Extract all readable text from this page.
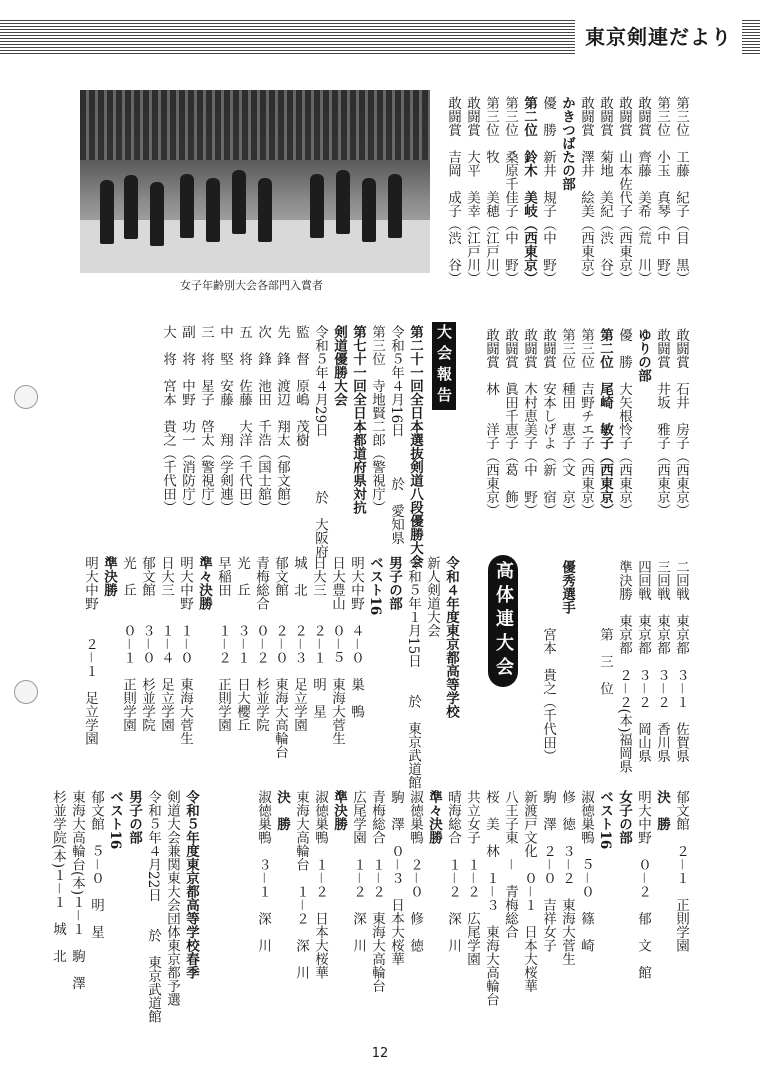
東京剣連だより
女子年齢別大会各部門入賞者
第三位　工藤　紀子（目　黒）
第三位　小玉　真琴（中　野）
敢闘賞　齊藤　美希（荒　川）
敢闘賞　山本佐代子（西東京）
敢闘賞　菊地　美紀（渋　谷）
敢闘賞　澤井　絵美（西東京）
かきつばたの部
優　勝　新井　規子（中　野）
第二位　鈴木　美岐（西東京）
第三位　桑原千佳子（中　野）
第三位　牧　　美穂（江戸川）
敢闘賞　大平　美幸（江戸川）
敢闘賞　吉岡　成子（渋　谷）
敢闘賞　石井　房子（西東京）
敢闘賞　井坂　雅子（西東京）
ゆりの部
優　勝　大矢根怜子（西東京）
第二位　尾崎　敏子（西東京）
第三位　吉野チエ子（西東京）
第三位　種田　恵子（文　京）
敢闘賞　安本しげよ（新　宿）
敢闘賞　木村恵美子（中　野）
敢闘賞　眞田千恵子（葛　飾）
敢闘賞　林　　洋子（西東京）
第二十一回全日本選抜剣道八段優勝大会
令和５年４月16日　　　於　愛知県
第三位　寺地賢二郎（警視庁）
第七十一回全日本都道府県対抗
剣道優勝大会
令和５年４月29日　　　　於　大阪府
監　督　原嶋　茂樹
先　鋒　渡辺　翔太（郁文館）
次　鋒　池田　千浩（国士舘）
五　将　佐藤　大洋（千代田）
中　堅　安藤　　翔（学剣連）
三　将　星子　啓太（警視庁）
副　将　中野　功一（消防庁）
大　将　宮本　貴之（千代田）
二回戦　東京都　３－１　佐賀県
三回戦　東京都　３－２　香川県
四回戦　東京都　３－２　岡山県
準決勝　東京都　２－２(本)福岡県
　　　　　第　三　位

優秀選手
　　　　　宮本　貴之（千代田）
令和４年度東京都高等学校
新人剣道大会
令和５年１月15日　　於　東京武道館
男子の部
ベスト16
明大中野　４－０　巣　鴨
日大豊山　０－５　東海大菅生
日大三　　２－１　明　星
城　北　　２－３　足立学園
郁文館　　２－０　東海大高輪台
青梅総合　０－２　杉並学院
光　丘　　３－１　日大櫻丘
早稲田　　１－２　正則学園
準々決勝
明大中野　１－０　東海大菅生
日大三　　１－４　足立学園
郁文館　　３－０　杉並学院
光　丘　　０－１　正則学園
準決勝
明大中野　　２－１　足立学園
郁文館　２－１　正則学園
決　勝
明大中野　０－２　郁　文　館
女子の部
ベスト16
淑徳巣鴨　５－０　篠　崎
修　徳　３－２　東海大菅生
駒　澤　２－０　吉祥女子
新渡戸文化　０－１　日本大桜華
八王子東　－　青梅総合
桜　美　林　１－３　東海大高輪台
共立女子　１－２　広尾学園
晴海総合　１－２　深　川
準々決勝
淑徳巣鴨　２－０　修　徳
駒　澤　０－３　日本大桜華
青梅総合　１－２　東海大高輪台
広尾学園　１－２　深　川
準決勝
淑徳巣鴨　１－２　日本大桜華
東海大高輪台　１－２　深　川
決　勝
淑徳巣鴨　３－１　深　川
令和５年度東京都高等学校春季
剣道大会兼関東大会団体東京都予選
令和５年４月22日　　於　東京武道館
男子の部
ベスト16
郁文館　５－０　明　星
東海大高輪台(本)１－１　駒　澤
杉並学院(本)１－１　城　北
大会報告
高体連大会
12
